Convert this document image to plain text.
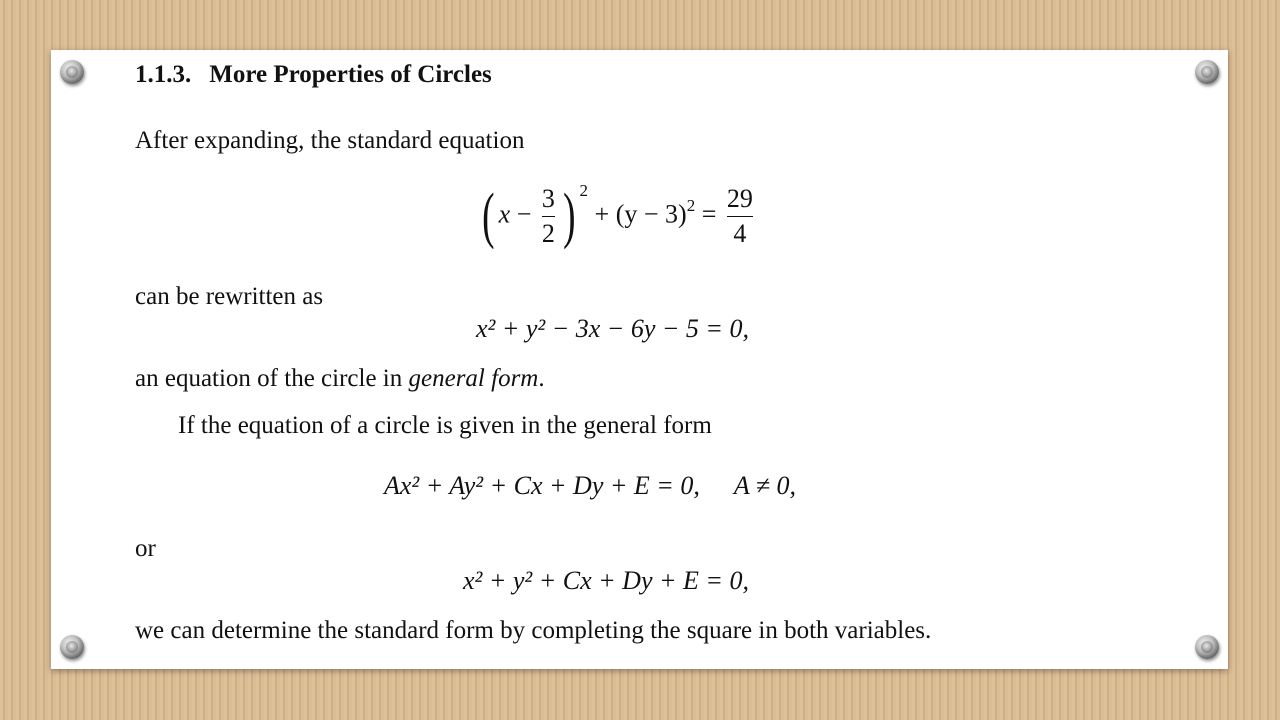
1.1.3. More Properties of Circles
After expanding, the standard equation
( $x - \frac{3}{2}$ ) $^2 + (y - 3)^2 = \frac{29}{4}$
can be rewritten as
x² + y² − 3x − 6y − 5 = 0,
an equation of the circle in general form.
If the equation of a circle is given in the general form
Ax² + Ay² + Cx + Dy + E = 0, A ≠ 0,
or
x² + y² + Cx + Dy + E = 0,
we can determine the standard form by completing the square in both variables.
